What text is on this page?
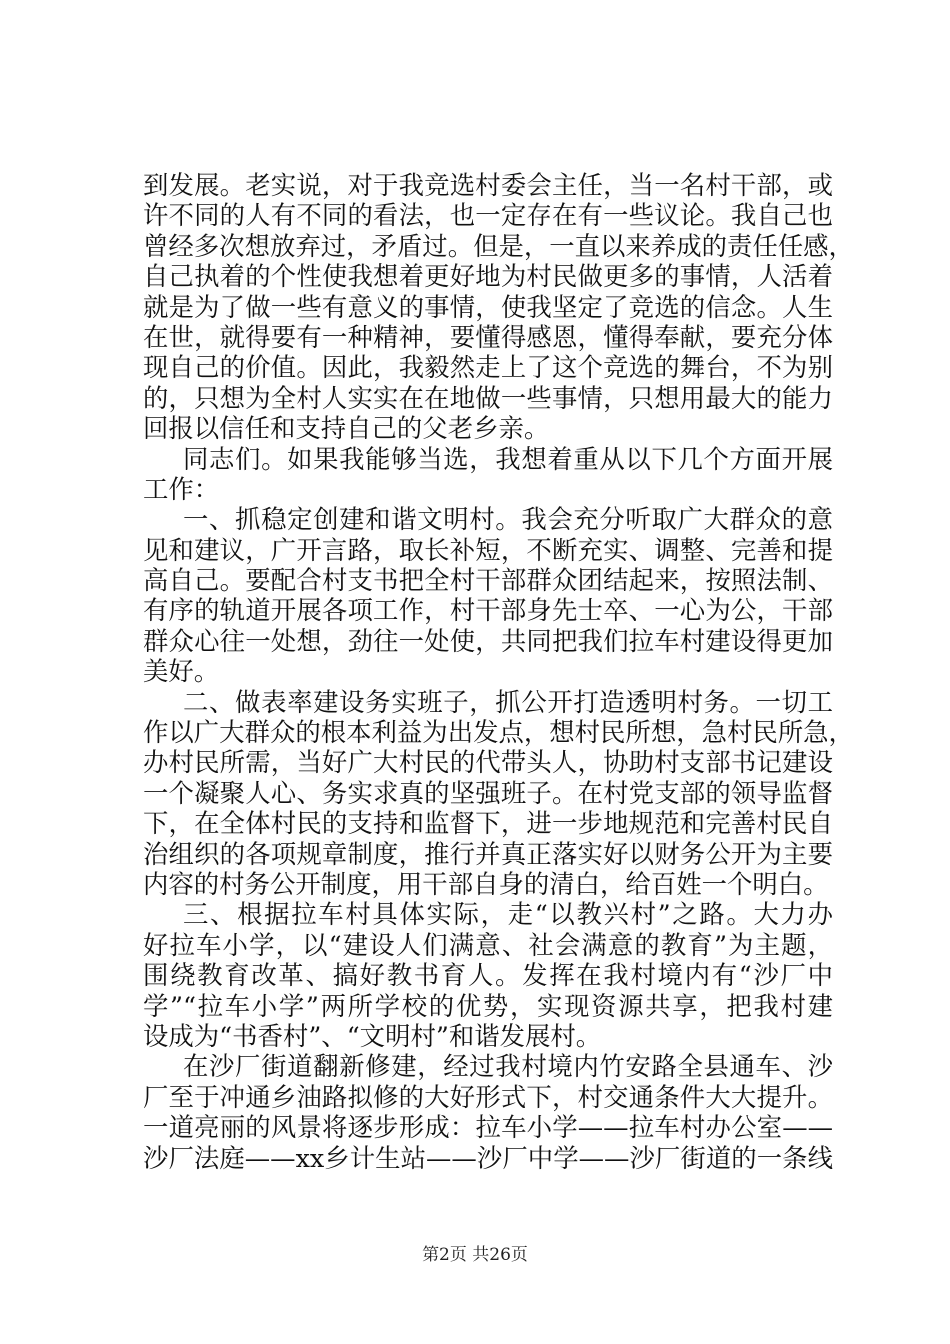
到发展。老实说，对于我竞选村委会主任，当一名村干部，或
许不同的人有不同的看法，也一定存在有一些议论。我自己也
曾经多次想放弃过，矛盾过。但是，一直以来养成的责任任感，
自己执着的个性使我想着更好地为村民做更多的事情，人活着
就是为了做一些有意义的事情，使我坚定了竞选的信念。人生
在世，就得要有一种精神，要懂得感恩，懂得奉献，要充分体
现自己的价值。因此，我毅然走上了这个竞选的舞台，不为别
的，只想为全村人实实在在地做一些事情，只想用最大的能力
回报以信任和支持自己的父老乡亲。
同志们。如果我能够当选，我想着重从以下几个方面开展
工作：
一、抓稳定创建和谐文明村。我会充分听取广大群众的意
见和建议，广开言路，取长补短，不断充实、调整、完善和提
高自己。要配合村支书把全村干部群众团结起来，按照法制、
有序的轨道开展各项工作，村干部身先士卒、一心为公，干部
群众心往一处想，劲往一处使，共同把我们拉车村建设得更加
美好。
二、做表率建设务实班子，抓公开打造透明村务。一切工
作以广大群众的根本利益为出发点，想村民所想，急村民所急，
办村民所需，当好广大村民的代带头人，协助村支部书记建设
一个凝聚人心、务实求真的坚强班子。在村党支部的领导监督
下，在全体村民的支持和监督下，进一步地规范和完善村民自
治组织的各项规章制度，推行并真正落实好以财务公开为主要
内容的村务公开制度，用干部自身的清白，给百姓一个明白。
三、根据拉车村具体实际，走“以教兴村”之路。大力办
好拉车小学，以“建设人们满意、社会满意的教育”为主题，
围绕教育改革、搞好教书育人。发挥在我村境内有“沙厂中
学”“拉车小学”两所学校的优势，实现资源共享，把我村建
设成为“书香村”、“文明村”和谐发展村。
在沙厂街道翻新修建，经过我村境内竹安路全县通车、沙
厂至于冲通乡油路拟修的大好形式下，村交通条件大大提升。
一道亮丽的风景将逐步形成：拉车小学——拉车村办公室——
沙厂法庭——xx乡计生站——沙厂中学——沙厂街道的一条线
第2页 共26页
